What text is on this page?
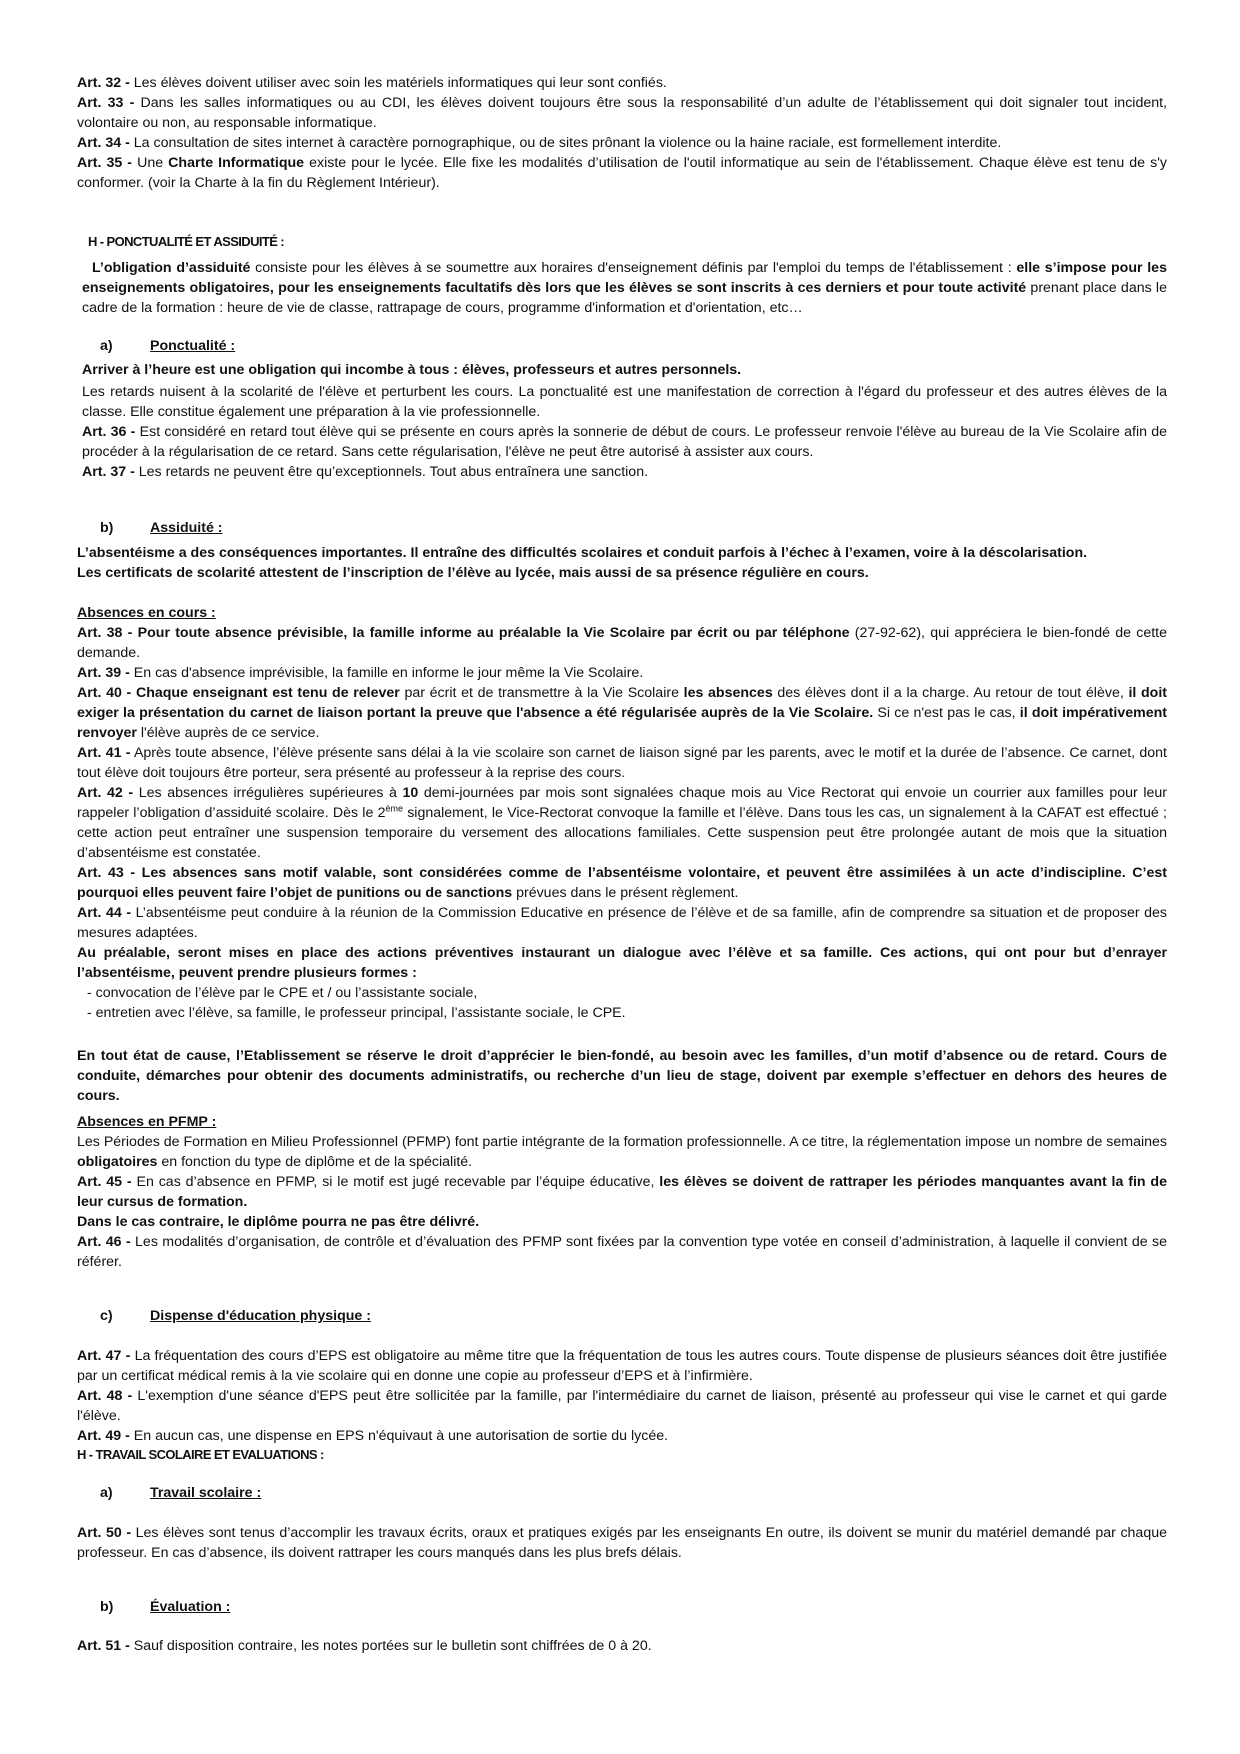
Art. 32 - Les élèves doivent utiliser avec soin les matériels informatiques qui leur sont confiés.

Art. 33 - Dans les salles informatiques ou au CDI, les élèves doivent toujours être sous la responsabilité d’un adulte de l’établissement qui doit signaler tout incident, volontaire ou non, au responsable informatique.

Art. 34 - La consultation de sites internet à caractère pornographique, ou de sites prônant la violence ou la haine raciale, est formellement interdite.

Art. 35 - Une Charte Informatique existe pour le lycée. Elle fixe les modalités d’utilisation de l'outil informatique au sein de l'établissement. Chaque élève est tenu de s'y conformer. (voir la Charte à la fin du Règlement Intérieur).

H - PONCTUALITÉ ET ASSIDUITÉ :

L’obligation d’assiduité consiste pour les élèves à se soumettre aux horaires d'enseignement définis par l'emploi du temps de l'établissement : elle s’impose pour les enseignements obligatoires, pour les enseignements facultatifs dès lors que les élèves se sont inscrits à ces derniers et pour toute activité prenant place dans le cadre de la formation : heure de vie de classe, rattrapage de cours, programme d'information et d'orientation, etc…

a)	Ponctualité :

Arriver à l’heure est une obligation qui incombe à tous : élèves, professeurs et autres personnels.

Les retards nuisent à la scolarité de l'élève et perturbent les cours. La ponctualité est une manifestation de correction à l'égard du professeur et des autres élèves de la classe. Elle constitue également une préparation à la vie professionnelle.

Art. 36 - Est considéré en retard tout élève qui se présente en cours après la sonnerie de début de cours. Le professeur renvoie l'élève au bureau de la Vie Scolaire afin de procéder à la régularisation de ce retard. Sans cette régularisation, l'élève ne peut être autorisé à assister aux cours.

Art. 37 - Les retards ne peuvent être qu’exceptionnels. Tout abus entraînera une sanction.

b)	Assiduité :

L’absentéisme a des conséquences importantes. Il entraîne des difficultés scolaires et conduit parfois à l’échec à l’examen, voire à la déscolarisation.

Les certificats de scolarité attestent de l’inscription de l’élève au lycée, mais aussi de sa présence régulière en cours.

Absences en cours :

Art. 38 - Pour toute absence prévisible, la famille informe au préalable la Vie Scolaire par écrit ou par téléphone (27-92-62), qui appréciera le bien-fondé de cette demande.

Art. 39 - En cas d'absence imprévisible, la famille en informe le jour même la Vie Scolaire.

Art. 40 - Chaque enseignant est tenu de relever par écrit et de transmettre à la Vie Scolaire les absences des élèves dont il a la charge. Au retour de tout élève, il doit exiger la présentation du carnet de liaison portant la preuve que l'absence a été régularisée auprès de la Vie Scolaire. Si ce n'est pas le cas, il doit impérativement renvoyer l'élève auprès de ce service.

Art. 41 - Après toute absence, l’élève présente sans délai à la vie scolaire son carnet de liaison signé par les parents, avec le motif et la durée de l’absence. Ce carnet, dont tout élève doit toujours être porteur, sera présenté au professeur à la reprise des cours.

Art. 42 - Les absences irrégulières supérieures à 10 demi-journées par mois sont signalées chaque mois au Vice Rectorat qui envoie un courrier aux familles pour leur rappeler l’obligation d’assiduité scolaire. Dès le 2ème signalement, le Vice-Rectorat convoque la famille et l’élève. Dans tous les cas, un signalement à la CAFAT est effectué ; cette action peut entraîner une suspension temporaire du versement des allocations familiales. Cette suspension peut être prolongée autant de mois que la situation d’absentéisme est constatée.

Art. 43 - Les absences sans motif valable, sont considérées comme de l’absentéisme volontaire, et peuvent être assimilées à un acte d’indiscipline. C’est pourquoi elles peuvent faire l’objet de punitions ou de sanctions prévues dans le présent règlement.

Art. 44 - L’absentéisme peut conduire à la réunion de la Commission Educative en présence de l’élève et de sa famille, afin de comprendre sa situation et de proposer des mesures adaptées.

Au préalable, seront mises en place des actions préventives instaurant un dialogue avec l’élève et sa famille. Ces actions, qui ont pour but d’enrayer l’absentéisme, peuvent prendre plusieurs formes :

- convocation de l’élève par le CPE et / ou l’assistante sociale,

- entretien avec l’élève, sa famille, le professeur principal, l’assistante sociale, le CPE.

En tout état de cause, l’Etablissement se réserve le droit d’apprécier le bien-fondé, au besoin avec les familles, d’un motif d’absence ou de retard. Cours de conduite, démarches pour obtenir des documents administratifs, ou recherche d’un lieu de stage, doivent par exemple s’effectuer en dehors des heures de cours.

Absences en PFMP :

Les Périodes de Formation en Milieu Professionnel (PFMP) font partie intégrante de la formation professionnelle. A ce titre, la réglementation impose un nombre de semaines obligatoires en fonction du type de diplôme et de la spécialité.

Art. 45 - En cas d’absence en PFMP, si le motif est jugé recevable par l’équipe éducative, les élèves se doivent de rattraper les périodes manquantes avant la fin de leur cursus de formation.

Dans le cas contraire, le diplôme pourra ne pas être délivré.

Art. 46 - Les modalités d’organisation, de contrôle et d’évaluation des PFMP sont fixées par la convention type votée en conseil d’administration, à laquelle il convient de se référer.

c)	Dispense d'éducation physique :

Art. 47 - La fréquentation des cours d’EPS est obligatoire au même titre que la fréquentation de tous les autres cours. Toute dispense de plusieurs séances doit être justifiée par un certificat médical remis à la vie scolaire qui en donne une copie au professeur d’EPS et à l’infirmière.

Art. 48 - L'exemption d'une séance d'EPS peut être sollicitée par la famille, par l'intermédiaire du carnet de liaison, présenté au professeur qui vise le carnet et qui garde l'élève.

Art. 49 - En aucun cas, une dispense en EPS n'équivaut à une autorisation de sortie du lycée.

H - TRAVAIL SCOLAIRE ET EVALUATIONS :
a)	Travail scolaire :

Art. 50 - Les élèves sont tenus d’accomplir les travaux écrits, oraux et pratiques exigés par les enseignants En outre, ils doivent se munir du matériel demandé par chaque professeur. En cas d’absence, ils doivent rattraper les cours manqués dans les plus brefs délais.

b)	Évaluation :

Art. 51 - Sauf disposition contraire, les notes portées sur le bulletin sont chiffrées de 0 à 20.
